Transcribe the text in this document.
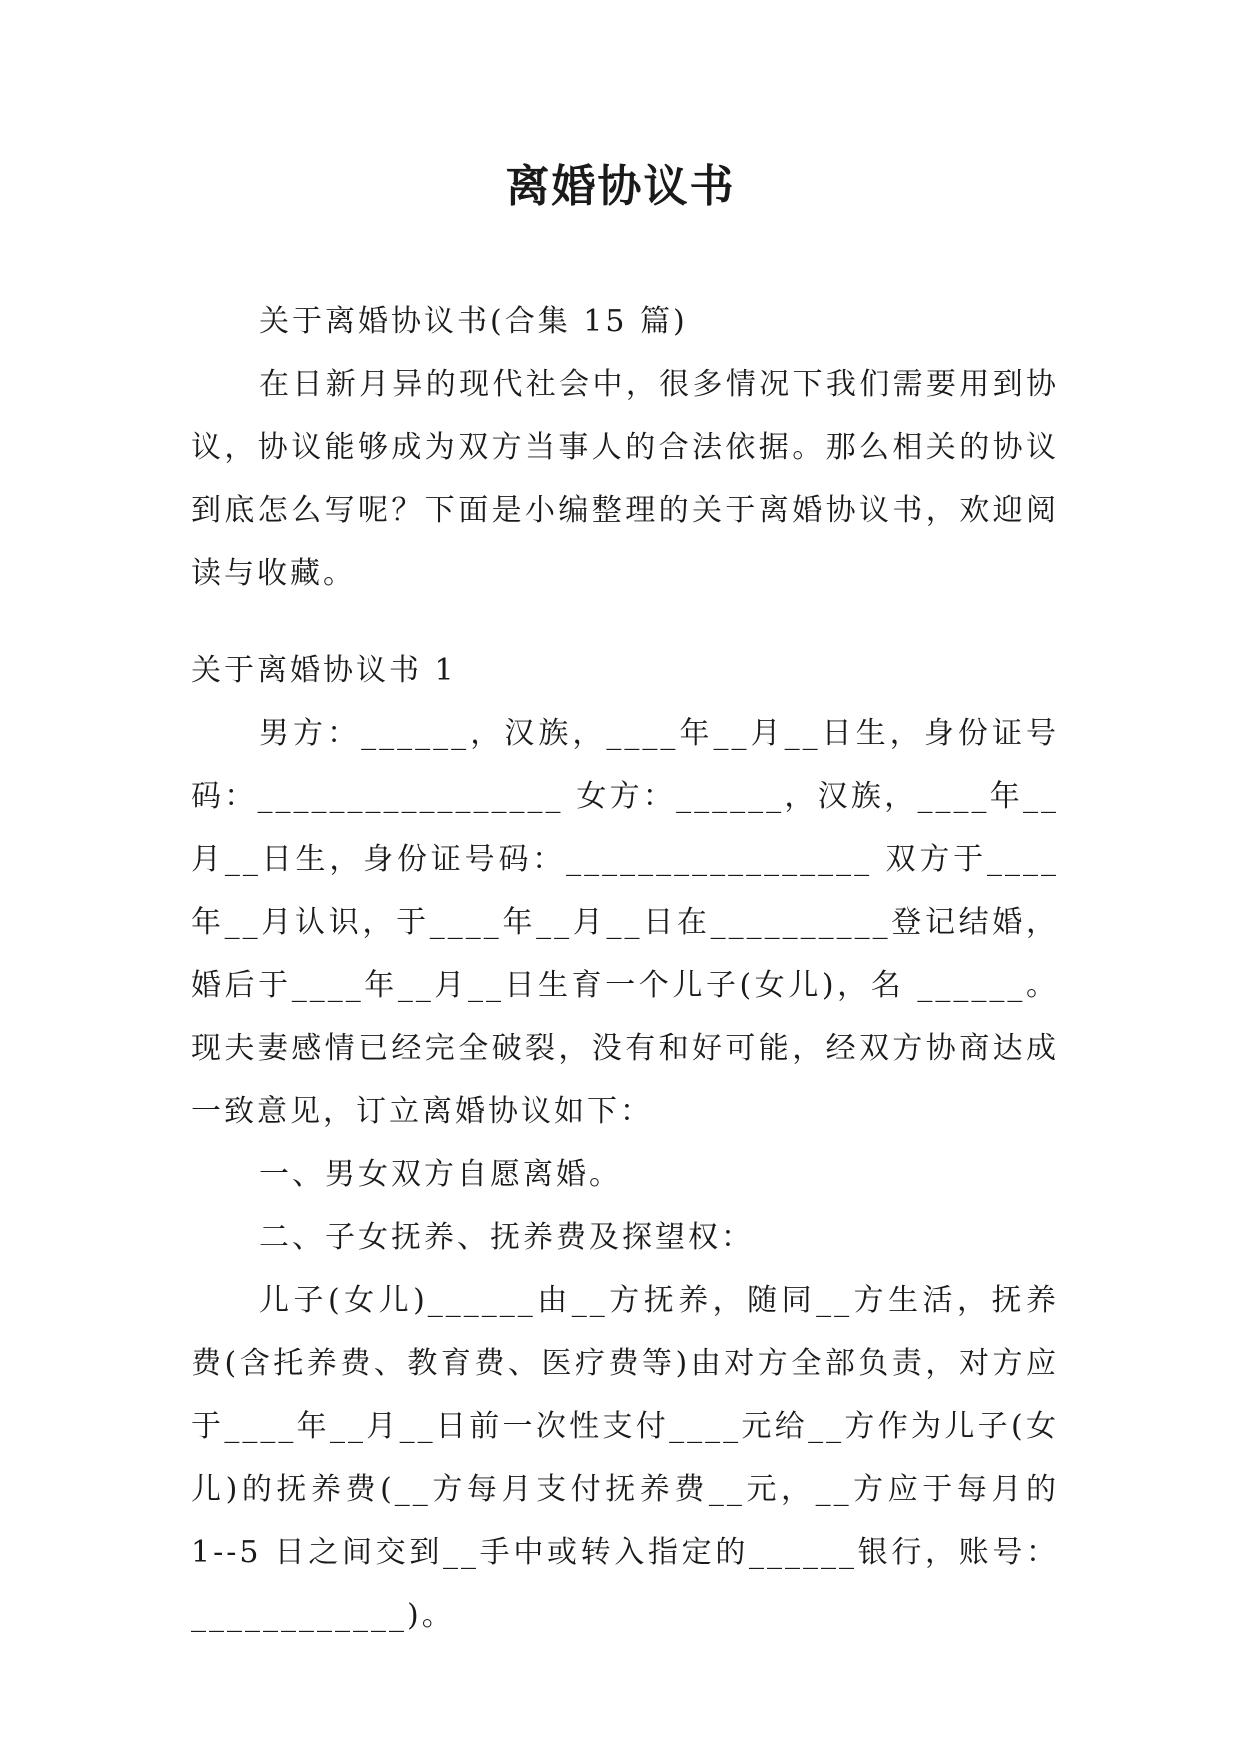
离婚协议书

关于离婚协议书(合集 15 篇)

在日新月异的现代社会中，很多情况下我们需要用到协议，协议能够成为双方当事人的合法依据。那么相关的协议到底怎么写呢？下面是小编整理的关于离婚协议书，欢迎阅读与收藏。

关于离婚协议书 1

男方：______，汉族，____年__月__日生，身份证号码：_________________ 女方：______，汉族，____年__月__日生，身份证号码：_________________ 双方于____年__月认识，于____年__月__日在__________登记结婚，婚后于____年__月__日生育一个儿子(女儿)，名 ______。现夫妻感情已经完全破裂，没有和好可能，经双方协商达成一致意见，订立离婚协议如下：

一、男女双方自愿离婚。

二、子女抚养、抚养费及探望权：

儿子(女儿)______由__方抚养，随同__方生活，抚养费(含托养费、教育费、医疗费等)由对方全部负责，对方应于____年__月__日前一次性支付____元给__方作为儿子(女儿)的抚养费(__方每月支付抚养费__元，__方应于每月的 1--5 日之间交到__手中或转入指定的______银行，账号：____________)。
